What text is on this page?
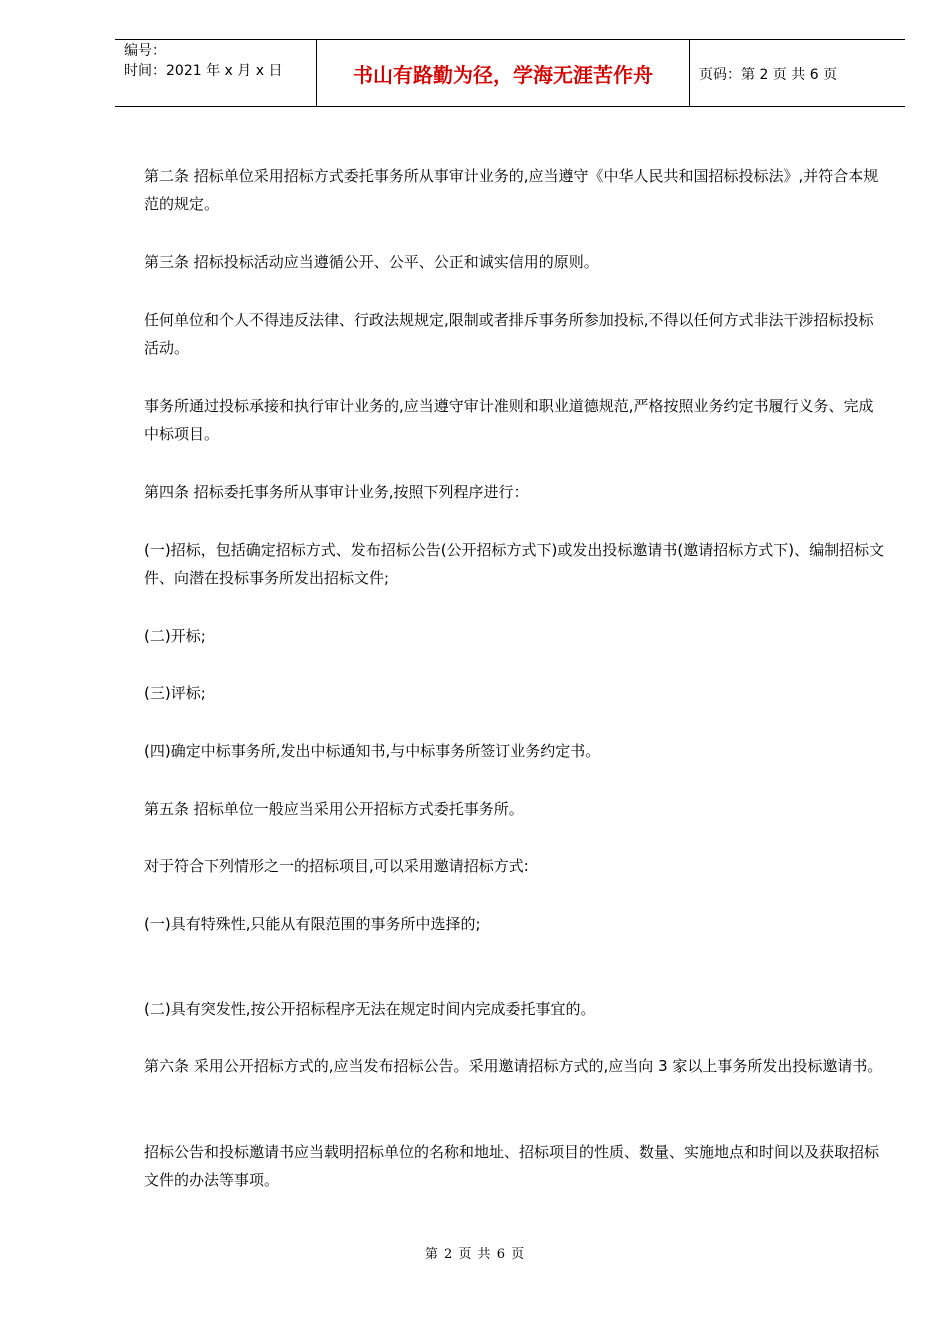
编号：
时间：2021 年 x 月 x 日	书山有路勤为径，学海无涯苦作舟	页码：第 2 页 共 6 页

第二条 招标单位采用招标方式委托事务所从事审计业务的,应当遵守《中华人民共和国招标投标法》,并符合本规范的规定。

第三条 招标投标活动应当遵循公开、公平、公正和诚实信用的原则。

任何单位和个人不得违反法律、行政法规规定,限制或者排斥事务所参加投标,不得以任何方式非法干涉招标投标活动。

事务所通过投标承接和执行审计业务的,应当遵守审计准则和职业道德规范,严格按照业务约定书履行义务、完成中标项目。

第四条 招标委托事务所从事审计业务,按照下列程序进行：

(一)招标，包括确定招标方式、发布招标公告(公开招标方式下)或发出投标邀请书(邀请招标方式下)、编制招标文件、向潜在投标事务所发出招标文件;

(二)开标;

(三)评标;

(四)确定中标事务所,发出中标通知书,与中标事务所签订业务约定书。

第五条 招标单位一般应当采用公开招标方式委托事务所。

对于符合下列情形之一的招标项目,可以采用邀请招标方式:

(一)具有特殊性,只能从有限范围的事务所中选择的;

(二)具有突发性,按公开招标程序无法在规定时间内完成委托事宜的。

第六条 采用公开招标方式的,应当发布招标公告。采用邀请招标方式的,应当向 3 家以上事务所发出投标邀请书。

招标公告和投标邀请书应当载明招标单位的名称和地址、招标项目的性质、数量、实施地点和时间以及获取招标文件的办法等事项。

第 2 页 共 6 页
